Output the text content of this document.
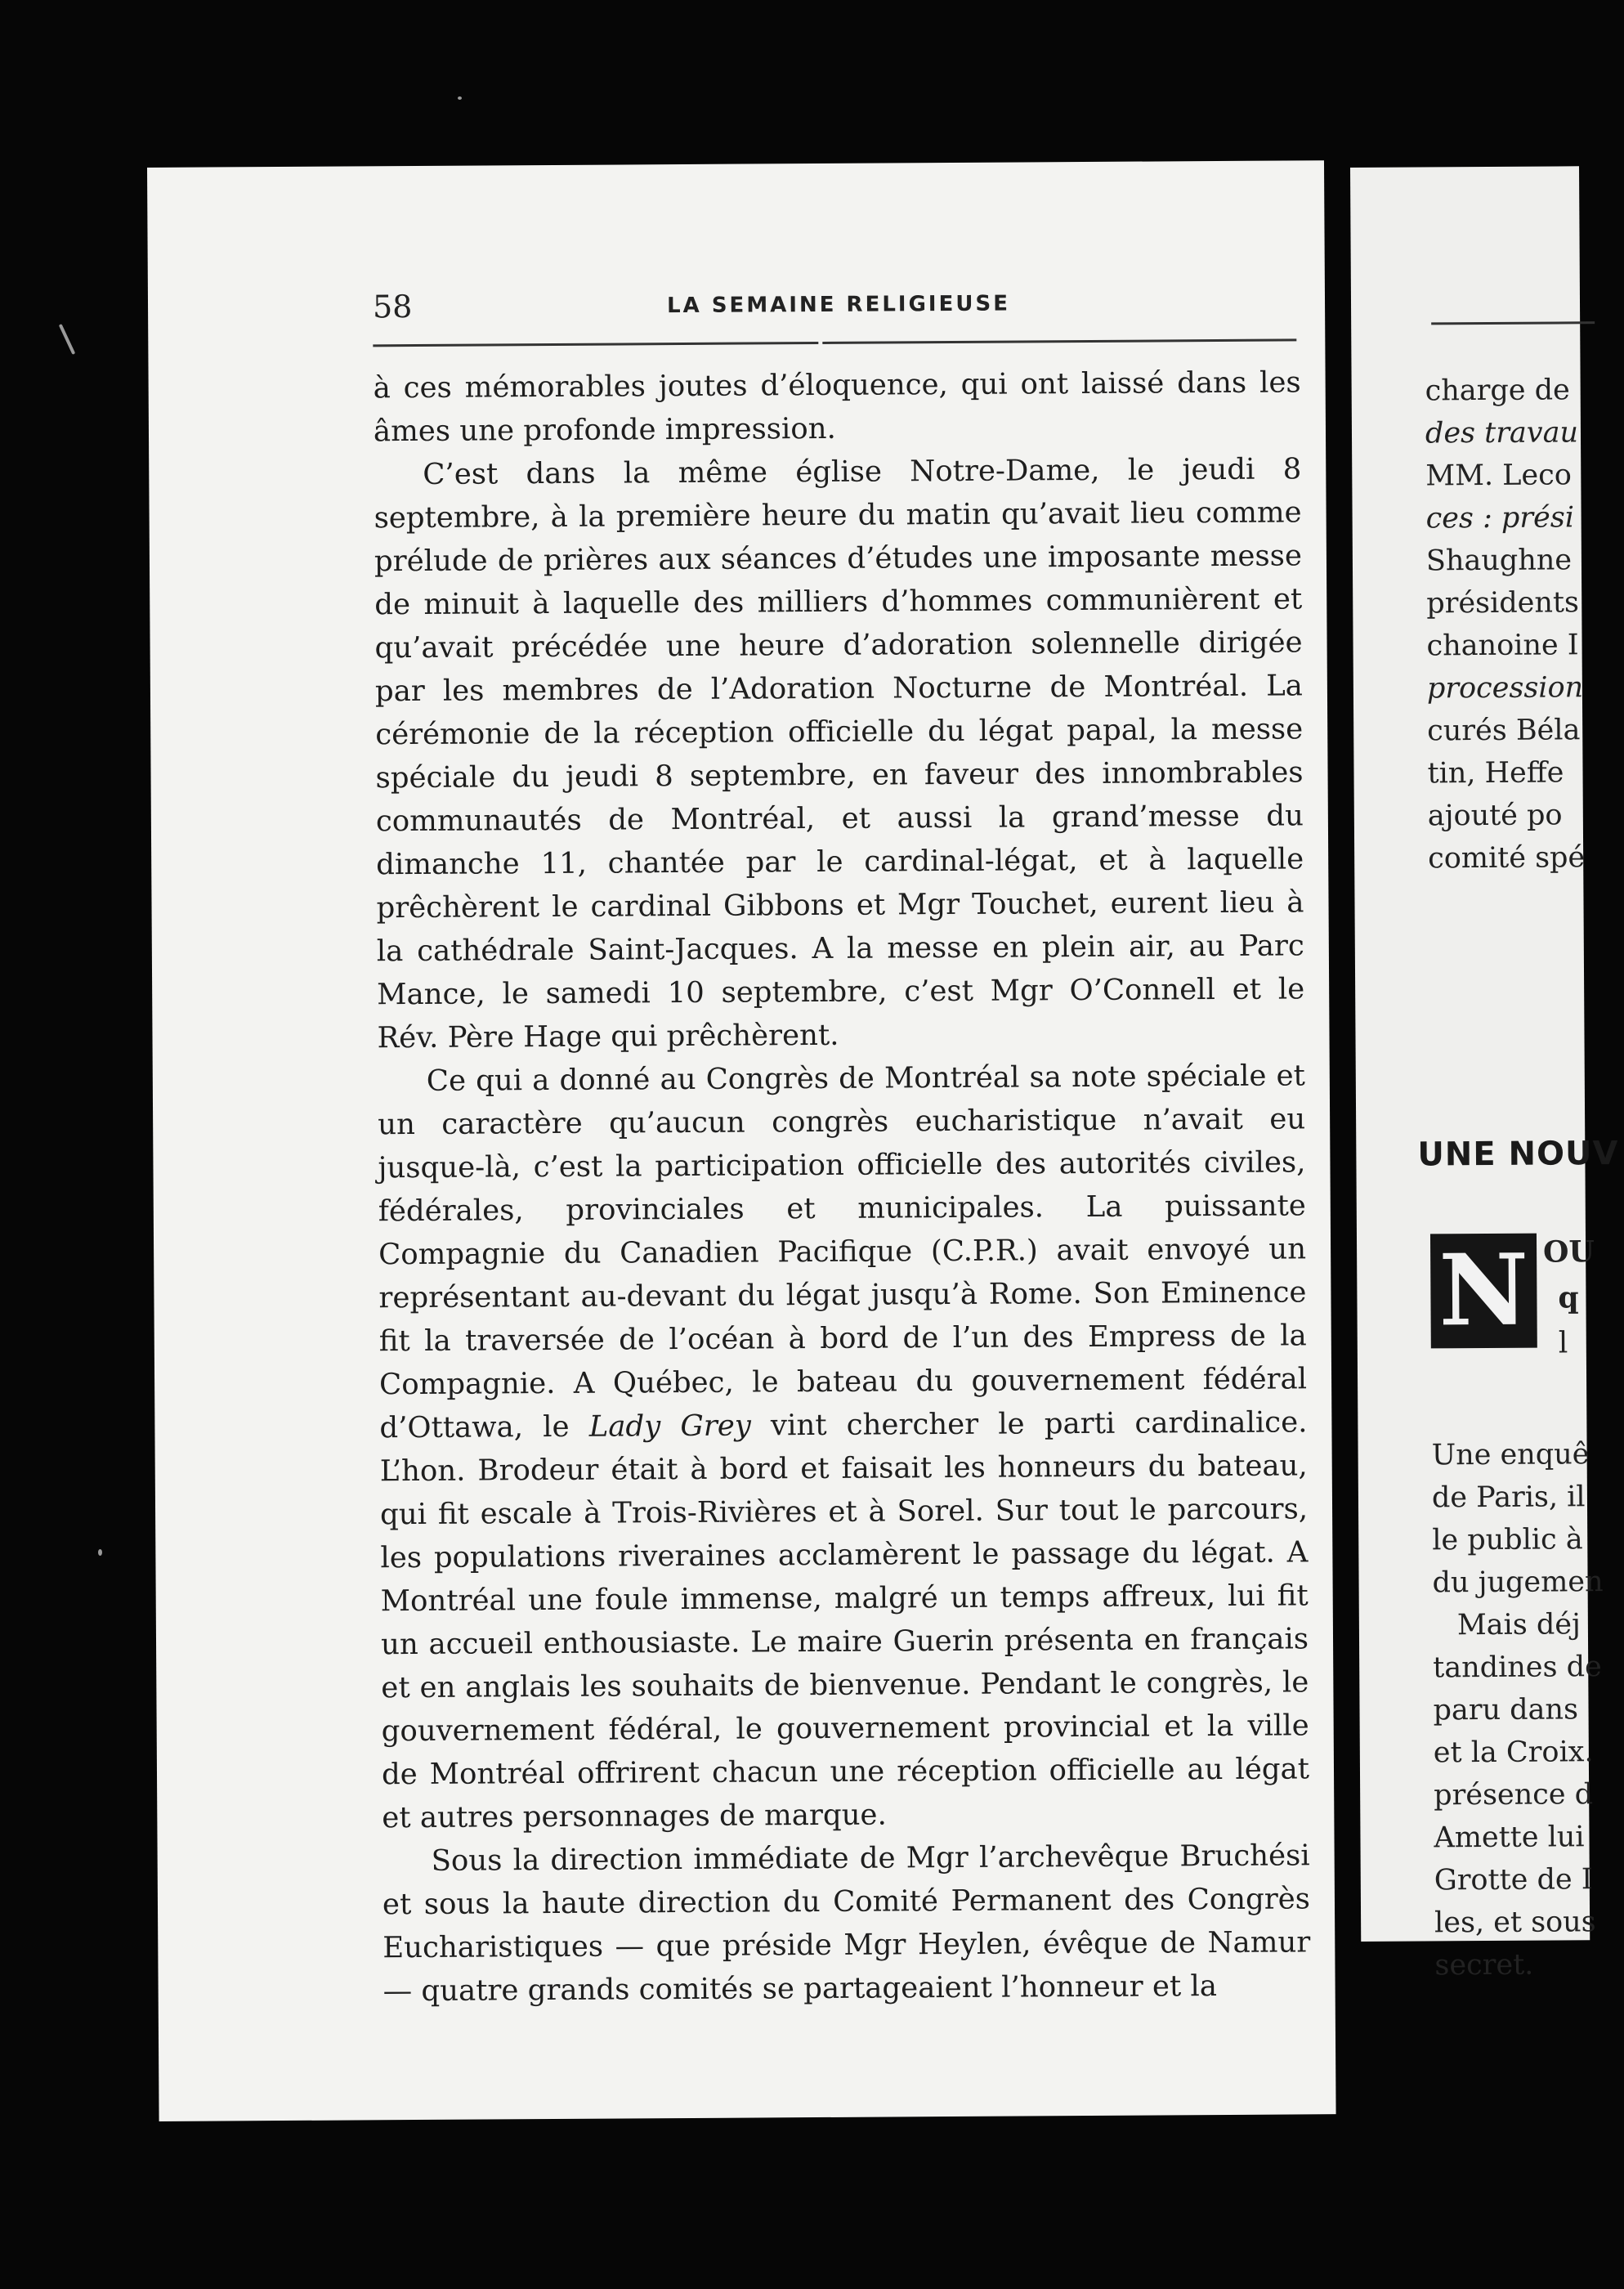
58	LA SEMAINE RELIGIEUSE

à ces mémorables joutes d’éloquence, qui ont laissé dans les âmes une profonde impression.

C’est dans la même église Notre-Dame, le jeudi 8 septembre, à la première heure du matin qu’avait lieu comme prélude de prières aux séances d’études une imposante messe de minuit à laquelle des milliers d’hommes communièrent et qu’avait précédée une heure d’adoration solennelle dirigée par les membres de l’Adoration Nocturne de Montréal. La cérémonie de la réception officielle du légat papal, la messe spéciale du jeudi 8 septembre, en faveur des innombrables communautés de Montréal, et aussi la grand’messe du dimanche 11, chantée par le cardinal-légat, et à laquelle prêchèrent le cardinal Gibbons et Mgr Touchet, eurent lieu à la cathédrale Saint-Jacques. A la messe en plein air, au Parc Mance, le samedi 10 septembre, c’est Mgr O’Connell et le Rév. Père Hage qui prêchèrent.

Ce qui a donné au Congrès de Montréal sa note spéciale et un caractère qu’aucun congrès eucharistique n’avait eu jusque-là, c’est la participation officielle des autorités civiles, fédérales, provinciales et municipales. La puissante Compagnie du Canadien Pacifique (C.P.R.) avait envoyé un représentant au-devant du légat jusqu’à Rome. Son Eminence fit la traversée de l’océan à bord de l’un des Empress de la Compagnie. A Québec, le bateau du gouvernement fédéral d’Ottawa, le Lady Grey vint chercher le parti cardinalice. L’hon. Brodeur était à bord et faisait les honneurs du bateau, qui fit escale à Trois-Rivières et à Sorel. Sur tout le parcours, les populations riveraines acclamèrent le passage du légat. A Montréal une foule immense, malgré un temps affreux, lui fit un accueil enthousiaste. Le maire Guerin présenta en français et en anglais les souhaits de bienvenue. Pendant le congrès, le gouvernement fédéral, le gouvernement provincial et la ville de Montréal offrirent chacun une réception officielle au légat et autres personnages de marque.

Sous la direction immédiate de Mgr l’archevêque Bruchési et sous la haute direction du Comité Permanent des Congrès Eucharistiques — que préside Mgr Heylen, évêque de Namur — quatre grands comités se partageaient l’honneur et la

charge de
des travau
MM. Leco
ces : prési
Shaughne
présidents
chanoine I
procession
curés Béla
tin, Heffe
ajouté po
comité spé

UNE NOUV

N OU
q
l
Une enquê
de Paris, il
le public à
du jugemen
Mais déj
tandines de
paru dans
et la Croix.
présence d
Amette lui
Grotte de I
les, et sous
secret.
